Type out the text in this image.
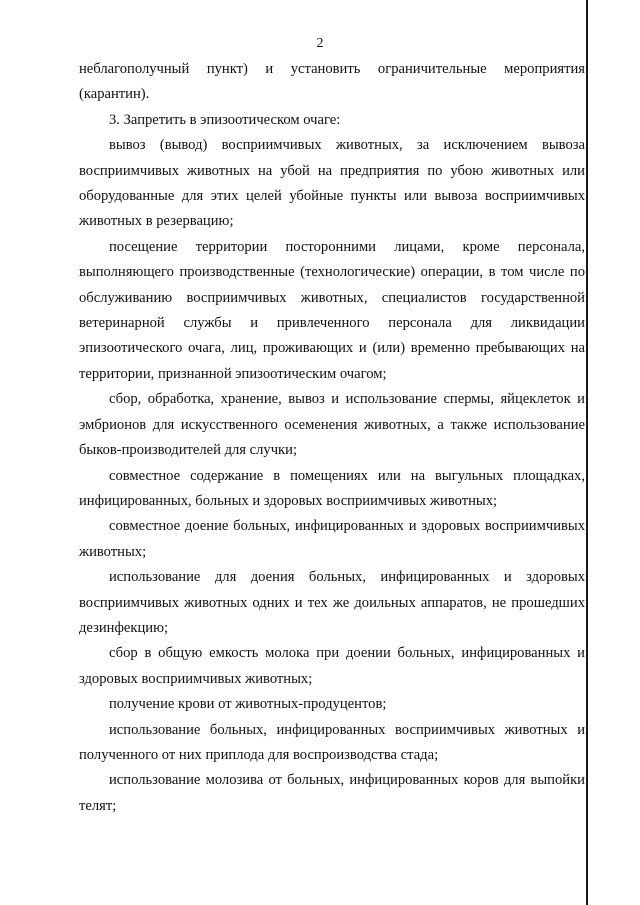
2

неблагополучный пункт) и установить ограничительные мероприятия (карантин).

3. Запретить в эпизоотическом очаге:

вывоз (вывод) восприимчивых животных, за исключением вывоза восприимчивых животных на убой на предприятия по убою животных или оборудованные для этих целей убойные пункты или вывоза восприимчивых животных в резервацию;

посещение территории посторонними лицами, кроме персонала, выполняющего производственные (технологические) операции, в том числе по обслуживанию восприимчивых животных, специалистов государственной ветеринарной службы и привлеченного персонала для ликвидации эпизоотического очага, лиц, проживающих и (или) временно пребывающих на территории, признанной эпизоотическим очагом;

сбор, обработка, хранение, вывоз и использование спермы, яйцеклеток и эмбрионов для искусственного осеменения животных, а также использование быков-производителей для случки;

совместное содержание в помещениях или на выгульных площадках, инфицированных, больных и здоровых восприимчивых животных;

совместное доение больных, инфицированных и здоровых восприимчивых животных;

использование для доения больных, инфицированных и здоровых восприимчивых животных одних и тех же доильных аппаратов, не прошедших дезинфекцию;

сбор в общую емкость молока при доении больных, инфицированных и здоровых восприимчивых животных;

получение крови от животных-продуцентов;

использование больных, инфицированных восприимчивых животных и полученного от них приплода для воспроизводства стада;

использование молозива от больных, инфицированных коров для выпойки телят;
